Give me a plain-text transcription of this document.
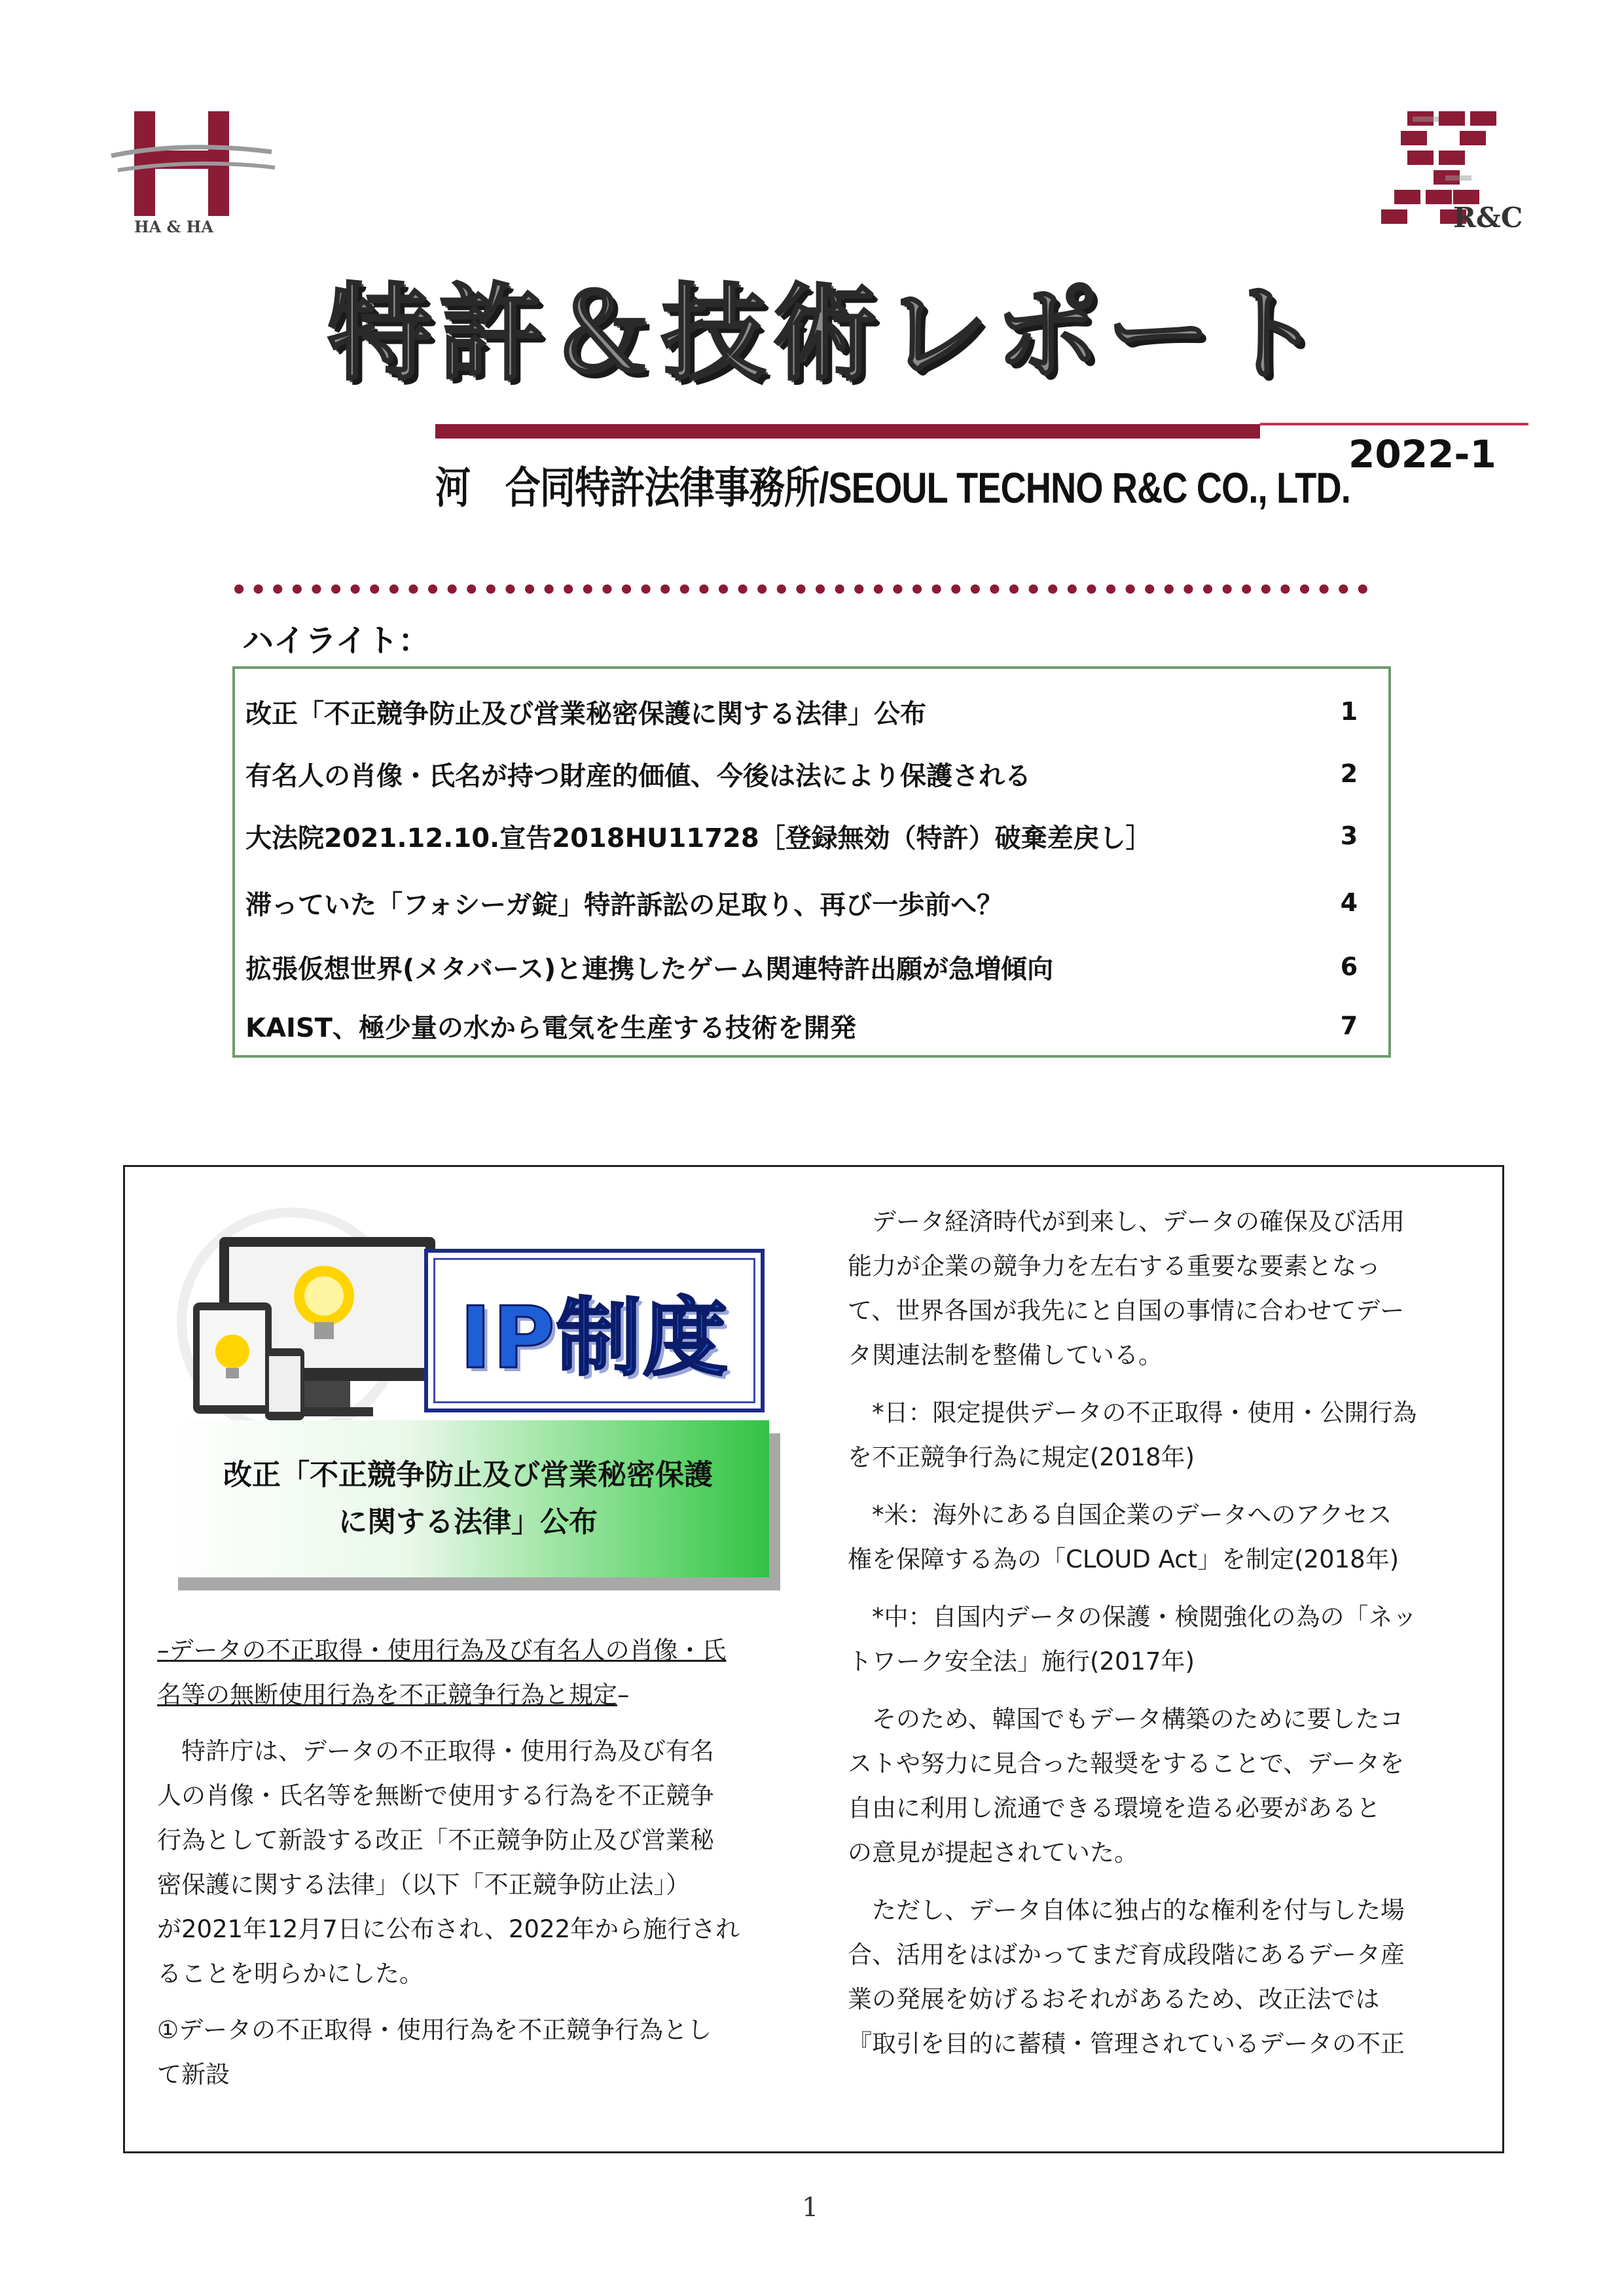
HA & HA	R&C
特許＆技術レポート
河　合同特許法律事務所/SEOUL TECHNO R&C CO., LTD.
2022-1
ハイライト：
改正「不正競争防止及び営業秘密保護に関する法律」公布	1
有名人の肖像・氏名が持つ財産的価値、今後は法により保護される	2
大法院2021.12.10.宣告2018HU11728［登録無効（特許）破棄差戻し］	3
滞っていた「フォシーガ錠」特許訴訟の足取り、再び一歩前へ？	4
拡張仮想世界(メタバース)と連携したゲーム関連特許出願が急増傾向	6
KAIST、極少量の水から電気を生産する技術を開発	7
IP制度
改正「不正競争防止及び営業秘密保護
に関する法律」公布

–データの不正取得・使用行為及び有名人の肖像・氏
名等の無断使用行為を不正競争行為と規定–

　特許庁は、データの不正取得・使用行為及び有名
人の肖像・氏名等を無断で使用する行為を不正競争
行為として新設する改正「不正競争防止及び営業秘
密保護に関する法律」（以下「不正競争防止法」）
が2021年12月7日に公布され、2022年から施行され
ることを明らかにした。

①データの不正取得・使用行為を不正競争行為とし
て新設

　データ経済時代が到来し、データの確保及び活用
能力が企業の競争力を左右する重要な要素となっ
て、世界各国が我先にと自国の事情に合わせてデー
タ関連法制を整備している。

　*日：限定提供データの不正取得・使用・公開行為
を不正競争行為に規定(2018年)

　*米：海外にある自国企業のデータへのアクセス
権を保障する為の「CLOUD Act」を制定(2018年)

　*中：自国内データの保護・検閲強化の為の「ネッ
トワーク安全法」施行(2017年)

　そのため、韓国でもデータ構築のために要したコ
ストや努力に見合った報奨をすることで、データを
自由に利用し流通できる環境を造る必要があると
の意見が提起されていた。

　ただし、データ自体に独占的な権利を付与した場
合、活用をはばかってまだ育成段階にあるデータ産
業の発展を妨げるおそれがあるため、改正法では
『取引を目的に蓄積・管理されているデータの不正

1
